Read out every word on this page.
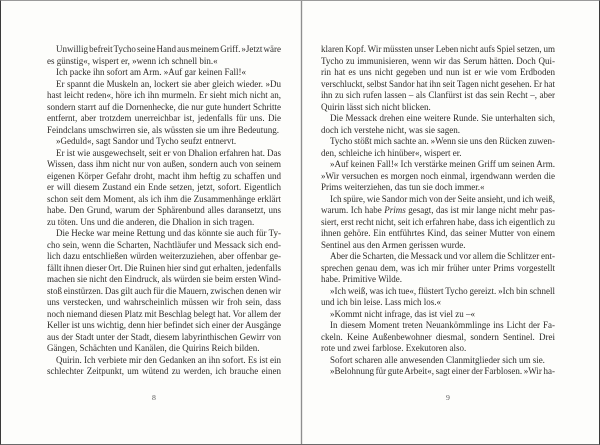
Unwillig befreit Tycho seine Hand aus meinem Griff. »Jetzt wäre
es günstig«, wispert er, »wenn ich schnell bin.«
Ich packe ihn sofort am Arm. »Auf gar keinen Fall!«
Er spannt die Muskeln an, lockert sie aber gleich wieder. »Du
hast leicht reden«, höre ich ihn murmeln. Er sieht mich nicht an,
sondern starrt auf die Dornenhecke, die nur gute hundert Schritte
entfernt, aber trotzdem unerreichbar ist, jedenfalls für uns. Die
Feindclans umschwirren sie, als wüssten sie um ihre Bedeutung.
»Geduld«, sagt Sandor und Tycho seufzt entnervt.
Er ist wie ausgewechselt, seit er von Dhalion erfahren hat. Das
Wissen, dass ihm nicht nur von außen, sondern auch von seinem
eigenen Körper Gefahr droht, macht ihm heftig zu schaffen und
er will diesem Zustand ein Ende setzen, jetzt, sofort. Eigentlich
schon seit dem Moment, als ich ihm die Zusammenhänge erklärt
habe. Den Grund, warum der Sphärenbund alles daransetzt, uns
zu töten. Uns und die anderen, die Dhalion in sich tragen.
Die Hecke war meine Rettung und das könnte sie auch für Ty-
cho sein, wenn die Scharten, Nachtläufer und Messack sich end-
lich dazu entschließen würden weiterzuziehen, aber offenbar ge-
fällt ihnen dieser Ort. Die Ruinen hier sind gut erhalten, jedenfalls
machen sie nicht den Eindruck, als würden sie beim ersten Wind-
stoß einstürzen. Das gilt auch für die Mauern, zwischen denen wir
uns verstecken, und wahrscheinlich müssen wir froh sein, dass
noch niemand diesen Platz mit Beschlag belegt hat. Vor allem der
Keller ist uns wichtig, denn hier befindet sich einer der Ausgänge
aus der Stadt unter der Stadt, diesem labyrinthischen Gewirr von
Gängen, Schächten und Kanälen, die Quirins Reich bilden.
Quirin. Ich verbiete mir den Gedanken an ihn sofort. Es ist ein
schlechter Zeitpunkt, um wütend zu werden, ich brauche einen
klaren Kopf. Wir müssten unser Leben nicht aufs Spiel setzen, um
Tycho zu immunisieren, wenn wir das Serum hätten. Doch Qui-
rin hat es uns nicht gegeben und nun ist er wie vom Erdboden
verschluckt, selbst Sandor hat ihn seit Tagen nicht gesehen. Er hat
ihn zu sich rufen lassen – als Clanfürst ist das sein Recht –, aber
Quirin lässt sich nicht blicken.
Die Messack drehen eine weitere Runde. Sie unterhalten sich,
doch ich verstehe nicht, was sie sagen.
Tycho stößt mich sachte an. »Wenn sie uns den Rücken zuwen-
den, schleiche ich hinüber«, wispert er.
»Auf keinen Fall!« Ich verstärke meinen Griff um seinen Arm.
»Wir versuchen es morgen noch einmal, irgendwann werden die
Prims weiterziehen, das tun sie doch immer.«
Ich spüre, wie Sandor mich von der Seite ansieht, und ich weiß,
warum. Ich habe Prims gesagt, das ist mir lange nicht mehr pas-
siert, erst recht nicht, seit ich erfahren habe, dass ich eigentlich zu
ihnen gehöre. Ein entführtes Kind, das seiner Mutter von einem
Sentinel aus den Armen gerissen wurde.
Aber die Scharten, die Messack und vor allem die Schlitzer ent-
sprechen genau dem, was ich mir früher unter Prims vorgestellt
habe. Primitive Wilde.
»Ich weiß, was ich tue«, flüstert Tycho gereizt. »Ich bin schnell
und ich bin leise. Lass mich los.«
»Kommt nicht infrage, das ist viel zu –«
In diesem Moment treten Neuankömmlinge ins Licht der Fa-
ckeln. Keine Außenbewohner diesmal, sondern Sentinel. Drei
rote und zwei farblose. Exekutoren also.
Sofort scharen alle anwesenden Clanmitglieder sich um sie.
»Belohnung für gute Arbeit«, sagt einer der Farblosen. »Wir ha-
8	9
